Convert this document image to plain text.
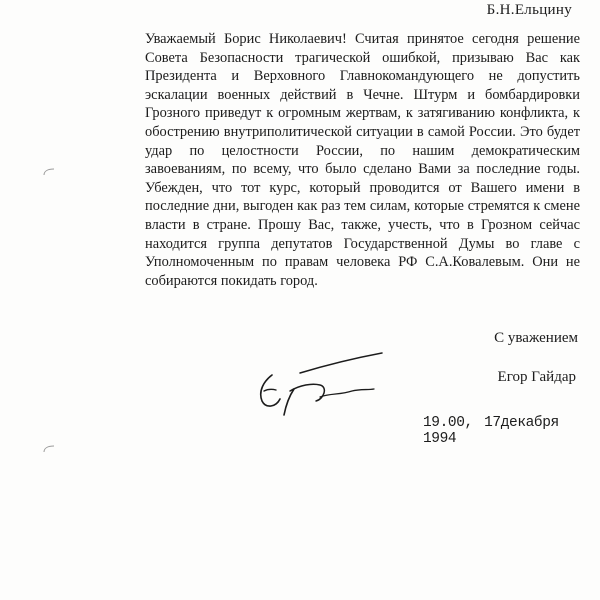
Б.Н.Ельцину

Уважаемый Борис Николаевич! Считая принятое сегодня решение Совета Безопасности трагической ошибкой, призываю Вас как Президента и Верховного Главнокомандующего не допустить эскалации военных действий в Чечне. Штурм и бомбардировки Грозного приведут к огромным жертвам, к затягиванию конфликта, к обострению внутриполитической ситуации в самой России. Это будет удар по целостности России, по нашим демократическим завоеваниям, по всему, что было сделано Вами за последние годы. Убежден, что тот курс, который проводится от Вашего имени в последние дни, выгоден как раз тем силам, которые стремятся к смене власти в стране. Прошу Вас, также, учесть, что в Грозном сейчас находится группа депутатов Государственной Думы во главе с Уполномоченным по правам человека РФ С.А.Ковалевым. Они не собираются покидать город.

С уважением
Егор Гайдар
19.00, 17декабря 1994
